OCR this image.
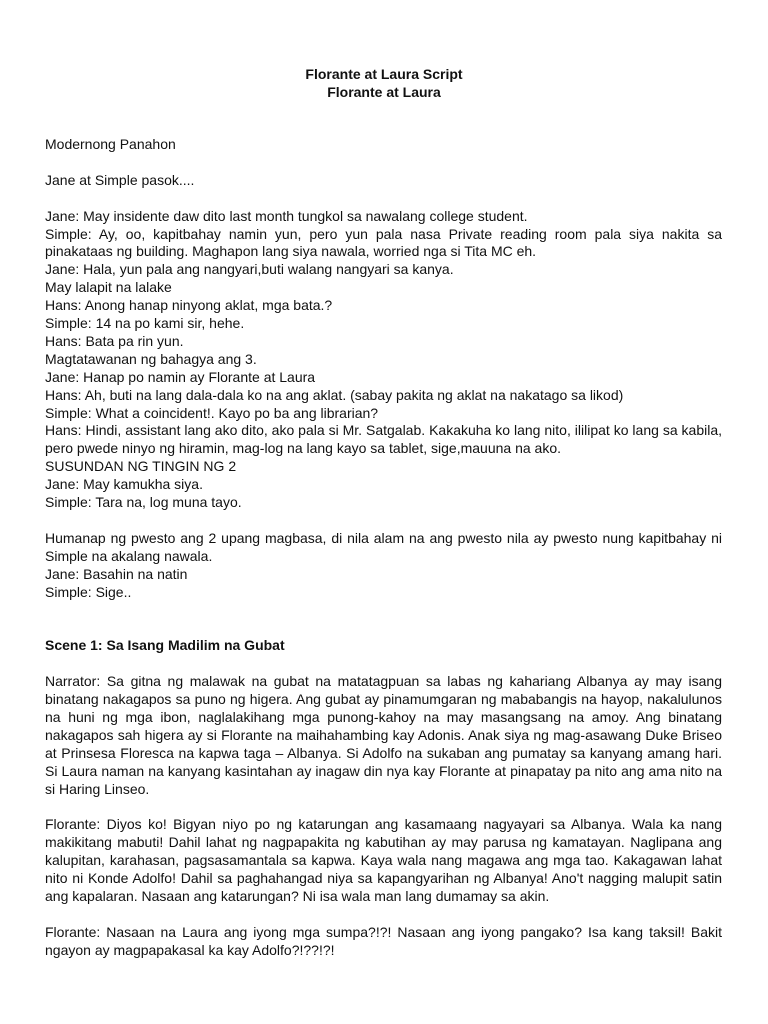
Florante at Laura Script
Florante at Laura

Modernong Panahon

Jane at Simple pasok....

Jane: May insidente daw dito last month tungkol sa nawalang college student.

Simple: Ay, oo, kapitbahay namin yun, pero yun pala nasa Private reading room pala siya nakita sa pinakataas ng building. Maghapon lang siya nawala, worried nga si Tita MC eh.

Jane: Hala, yun pala ang nangyari,buti walang nangyari sa kanya.

May lalapit na lalake

Hans: Anong hanap ninyong aklat, mga bata.?

Simple: 14 na po kami sir, hehe.

Hans: Bata pa rin yun.

Magtatawanan ng bahagya ang 3.

Jane: Hanap po namin ay Florante at Laura

Hans: Ah, buti na lang dala-dala ko na ang aklat. (sabay pakita ng aklat na nakatago sa likod)

Simple: What a coincident!. Kayo po ba ang librarian?

Hans: Hindi, assistant lang ako dito, ako pala si Mr. Satgalab. Kakakuha ko lang nito, ililipat ko lang sa kabila, pero pwede ninyo ng hiramin, mag-log na lang kayo sa tablet, sige,mauuna na ako.

SUSUNDAN NG TINGIN NG 2

Jane: May kamukha siya.

Simple: Tara na, log muna tayo.

Humanap ng pwesto ang 2 upang magbasa, di nila alam na ang pwesto nila ay pwesto nung kapitbahay ni Simple na akalang nawala.

Jane: Basahin na natin

Simple: Sige..

Scene 1: Sa Isang Madilim na Gubat

Narrator: Sa gitna ng malawak na gubat na matatagpuan sa labas ng kahariang Albanya ay may isang binatang nakagapos sa puno ng higera. Ang gubat ay pinamumgaran ng mababangis na hayop, nakalulunos na huni ng mga ibon, naglalakihang mga punong-kahoy na may masangsang na amoy. Ang binatang nakagapos sah higera ay si Florante na maihahambing kay Adonis. Anak siya ng mag-asawang Duke Briseo at Prinsesa Floresca na kapwa taga – Albanya. Si Adolfo na sukaban ang pumatay sa kanyang amang hari. Si Laura naman na kanyang kasintahan ay inagaw din nya kay Florante at pinapatay pa nito ang ama nito na si Haring Linseo.

Florante: Diyos ko! Bigyan niyo po ng katarungan ang kasamaang nagyayari sa Albanya. Wala ka nang makikitang mabuti! Dahil lahat ng nagpapakita ng kabutihan ay may parusa ng kamatayan. Naglipana ang kalupitan, karahasan, pagsasamantala sa kapwa. Kaya wala nang magawa ang mga tao. Kakagawan lahat nito ni Konde Adolfo! Dahil sa paghahangad niya sa kapangyarihan ng Albanya! Ano't nagging malupit satin ang kapalaran. Nasaan ang katarungan? Ni isa wala man lang dumamay sa akin.

Florante: Nasaan na Laura ang iyong mga sumpa?!?! Nasaan ang iyong pangako? Isa kang taksil! Bakit ngayon ay magpapakasal ka kay Adolfo?!??!?!
